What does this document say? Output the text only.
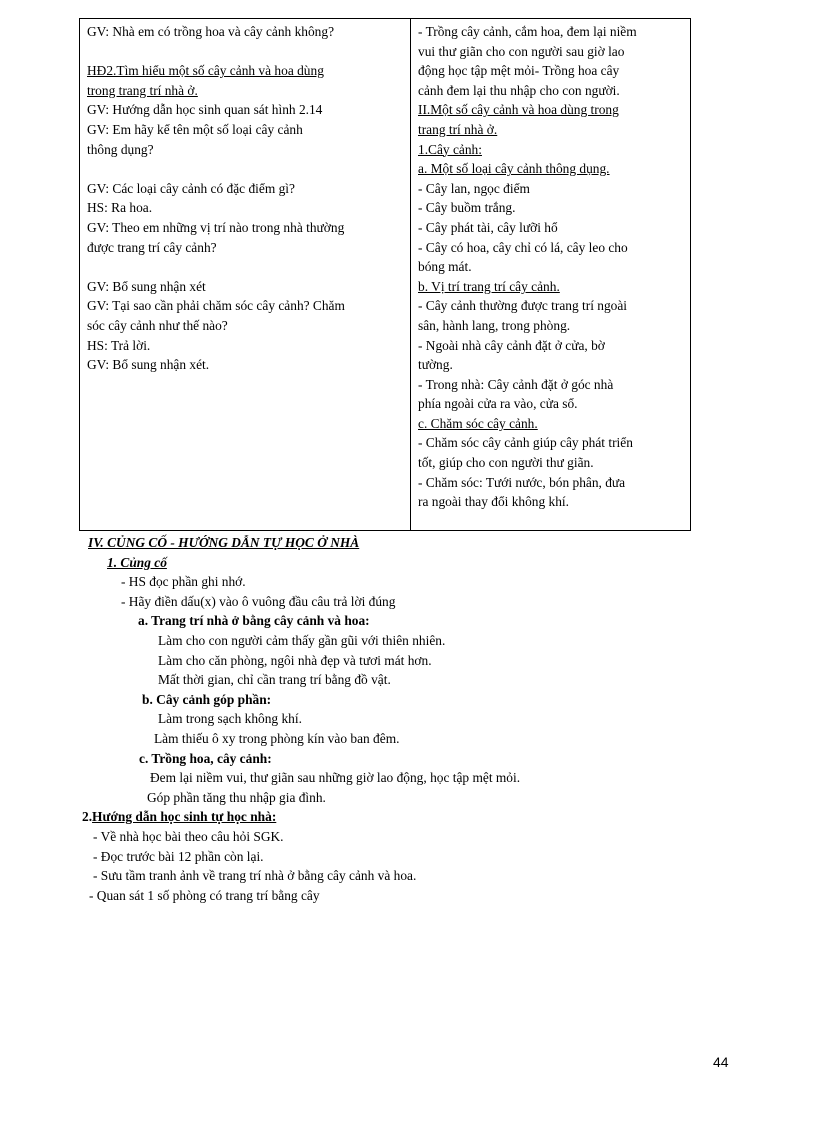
GV: Nhà em có trồng hoa và cây cảnh không?
HĐ2.Tìm hiểu một số cây cảnh và hoa dùng
trong trang trí nhà ở.
GV: Hướng dẫn học sinh quan sát hình 2.14
GV: Em hãy kể tên một số loại cây cảnh
thông dụng?
GV: Các loại cây cảnh có đặc điểm gì?
HS: Ra hoa.
GV: Theo em những vị trí nào trong nhà thường
được trang trí cây cảnh?
GV: Bổ sung nhận xét
GV: Tại sao cần phải chăm sóc cây cảnh? Chăm
sóc cây cảnh như thế nào?
HS: Trả lời.
GV: Bổ sung nhận xét.
- Trồng cây cảnh, cắm hoa, đem lại niềm
vui thư giãn cho con người sau giờ lao
động học tập mệt mỏi- Trồng hoa cây
cảnh đem lại thu nhập cho con người.
II.Một số cây cảnh và hoa dùng trong
trang trí nhà ở.
1.Cây cảnh:
a. Một số loại cây cảnh thông dụng.
- Cây lan, ngọc điểm
- Cây buồm trắng.
- Cây phát tài, cây lưỡi hổ
- Cây có hoa, cây chỉ có lá, cây leo cho
bóng mát.
b. Vị trí trang trí cây cảnh.
- Cây cảnh thường được trang trí ngoài
sân, hành lang, trong phòng.
- Ngoài nhà cây cảnh đặt ở cửa, bờ
tường.
- Trong nhà: Cây cảnh đặt ở góc nhà
phía ngoài cửa ra vào, cửa sổ.
c. Chăm sóc cây cảnh.
- Chăm sóc cây cảnh giúp cây phát triển
tốt, giúp cho con người thư giãn.
- Chăm sóc: Tưới nước, bón phân, đưa
ra ngoài thay đổi không khí.
IV. CỦNG CỐ - HƯỚNG DẪN TỰ HỌC Ở NHÀ
1. Củng cố
- HS đọc phần ghi nhớ.
- Hãy điền dấu(x) vào ô vuông đầu câu trả lời đúng
a. Trang trí nhà ở bằng cây cảnh và hoa:
Làm cho con người cảm thấy gần gũi với thiên nhiên.
Làm cho căn phòng, ngôi nhà đẹp và tươi mát hơn.
Mất thời gian, chỉ cần trang trí bằng đồ vật.
b. Cây cảnh góp phần:
Làm trong sạch không khí.
Làm thiếu ô xy trong phòng kín vào ban đêm.
c. Trồng hoa, cây cảnh:
Đem lại niềm vui, thư giãn sau những giờ lao động, học tập mệt mỏi.
Góp phần tăng thu nhập gia đình.
2.Hướng dẫn học sinh tự học nhà:
- Về nhà học bài theo câu hỏi SGK.
- Đọc trước bài 12 phần còn lại.
- Sưu tầm tranh ảnh về trang trí nhà ở bằng cây cảnh và hoa.
- Quan sát 1 số phòng có trang trí bằng cây
44
